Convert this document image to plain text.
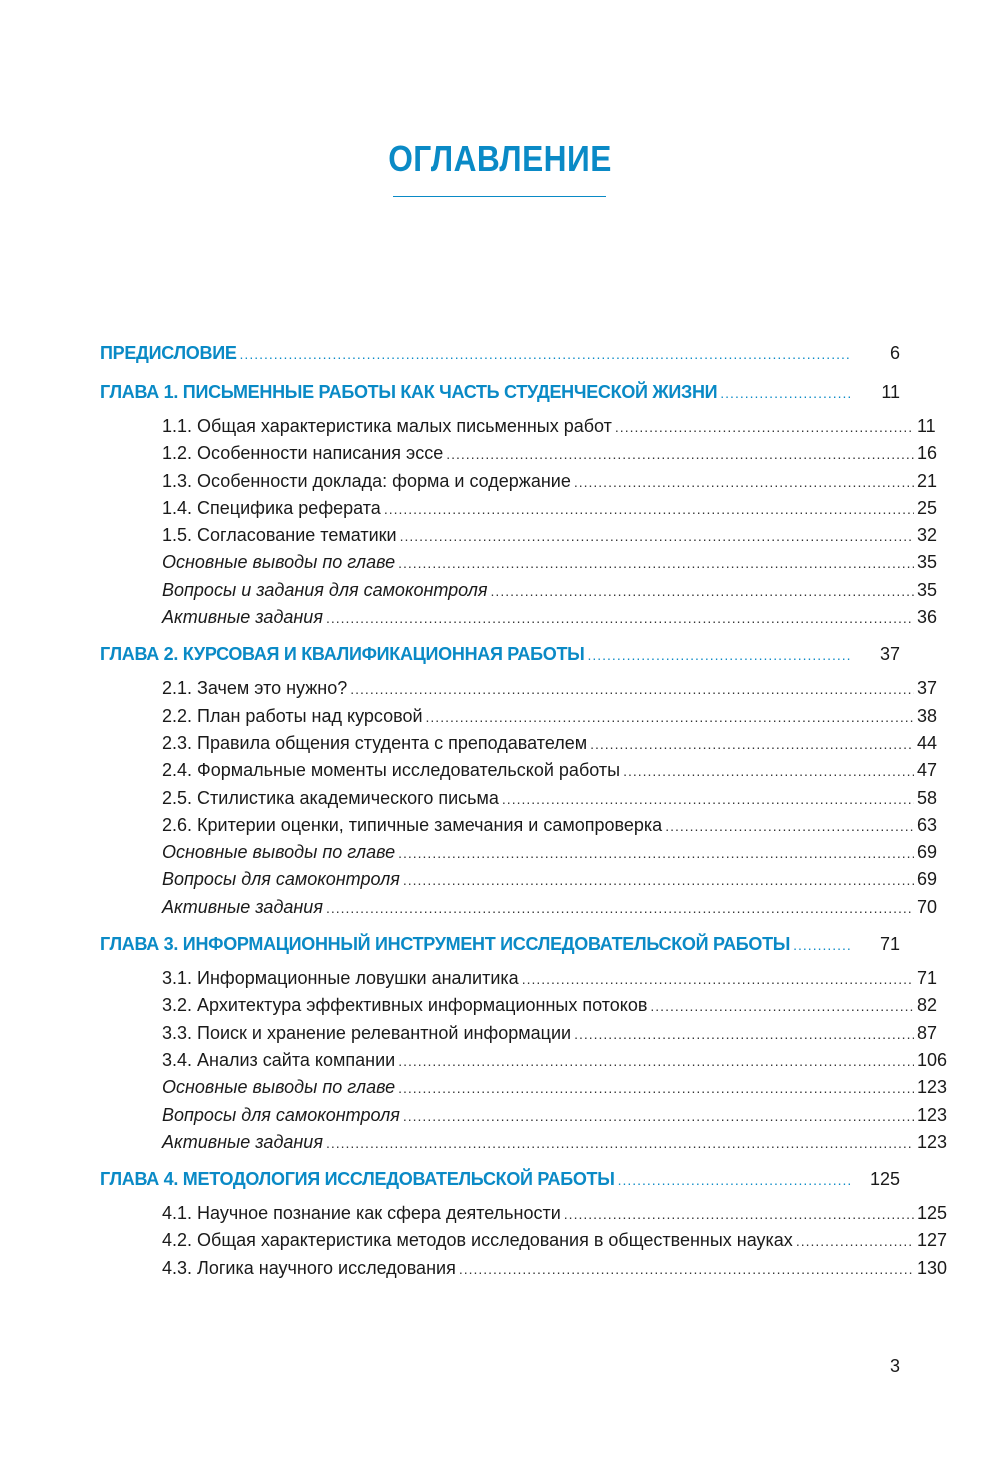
ОГЛАВЛЕНИЕ
ПРЕДИСЛОВИЕ .....	6
ГЛАВА 1. ПИСЬМЕННЫЕ РАБОТЫ КАК ЧАСТЬ СТУДЕНЧЕСКОЙ ЖИЗНИ .....	11
1.1. Общая характеристика малых письменных работ .....	11
1.2. Особенности написания эссе .....	16
1.3. Особенности доклада: форма и содержание .....	21
1.4. Специфика реферата .....	25
1.5. Согласование тематики .....	32
Основные выводы по главе .....	35
Вопросы и задания для самоконтроля .....	35
Активные задания .....	36
ГЛАВА 2. КУРСОВАЯ И КВАЛИФИКАЦИОННАЯ РАБОТЫ .....	37
2.1. Зачем это нужно? .....	37
2.2. План работы над курсовой .....	38
2.3. Правила общения студента с преподавателем .....	44
2.4. Формальные моменты исследовательской работы .....	47
2.5. Стилистика академического письма .....	58
2.6. Критерии оценки, типичные замечания и самопроверка .....	63
Основные выводы по главе .....	69
Вопросы для самоконтроля .....	69
Активные задания .....	70
ГЛАВА 3. ИНФОРМАЦИОННЫЙ ИНСТРУМЕНТ ИССЛЕДОВАТЕЛЬСКОЙ РАБОТЫ .....	71
3.1. Информационные ловушки аналитика .....	71
3.2. Архитектура эффективных информационных потоков .....	82
3.3. Поиск и хранение релевантной информации .....	87
3.4. Анализ сайта компании .....	106
Основные выводы по главе .....	123
Вопросы для самоконтроля .....	123
Активные задания .....	123
ГЛАВА 4. МЕТОДОЛОГИЯ ИССЛЕДОВАТЕЛЬСКОЙ РАБОТЫ .....	125
4.1. Научное познание как сфера деятельности .....	125
4.2. Общая характеристика методов исследования в общественных науках .....	127
4.3. Логика научного исследования .....	130
3
